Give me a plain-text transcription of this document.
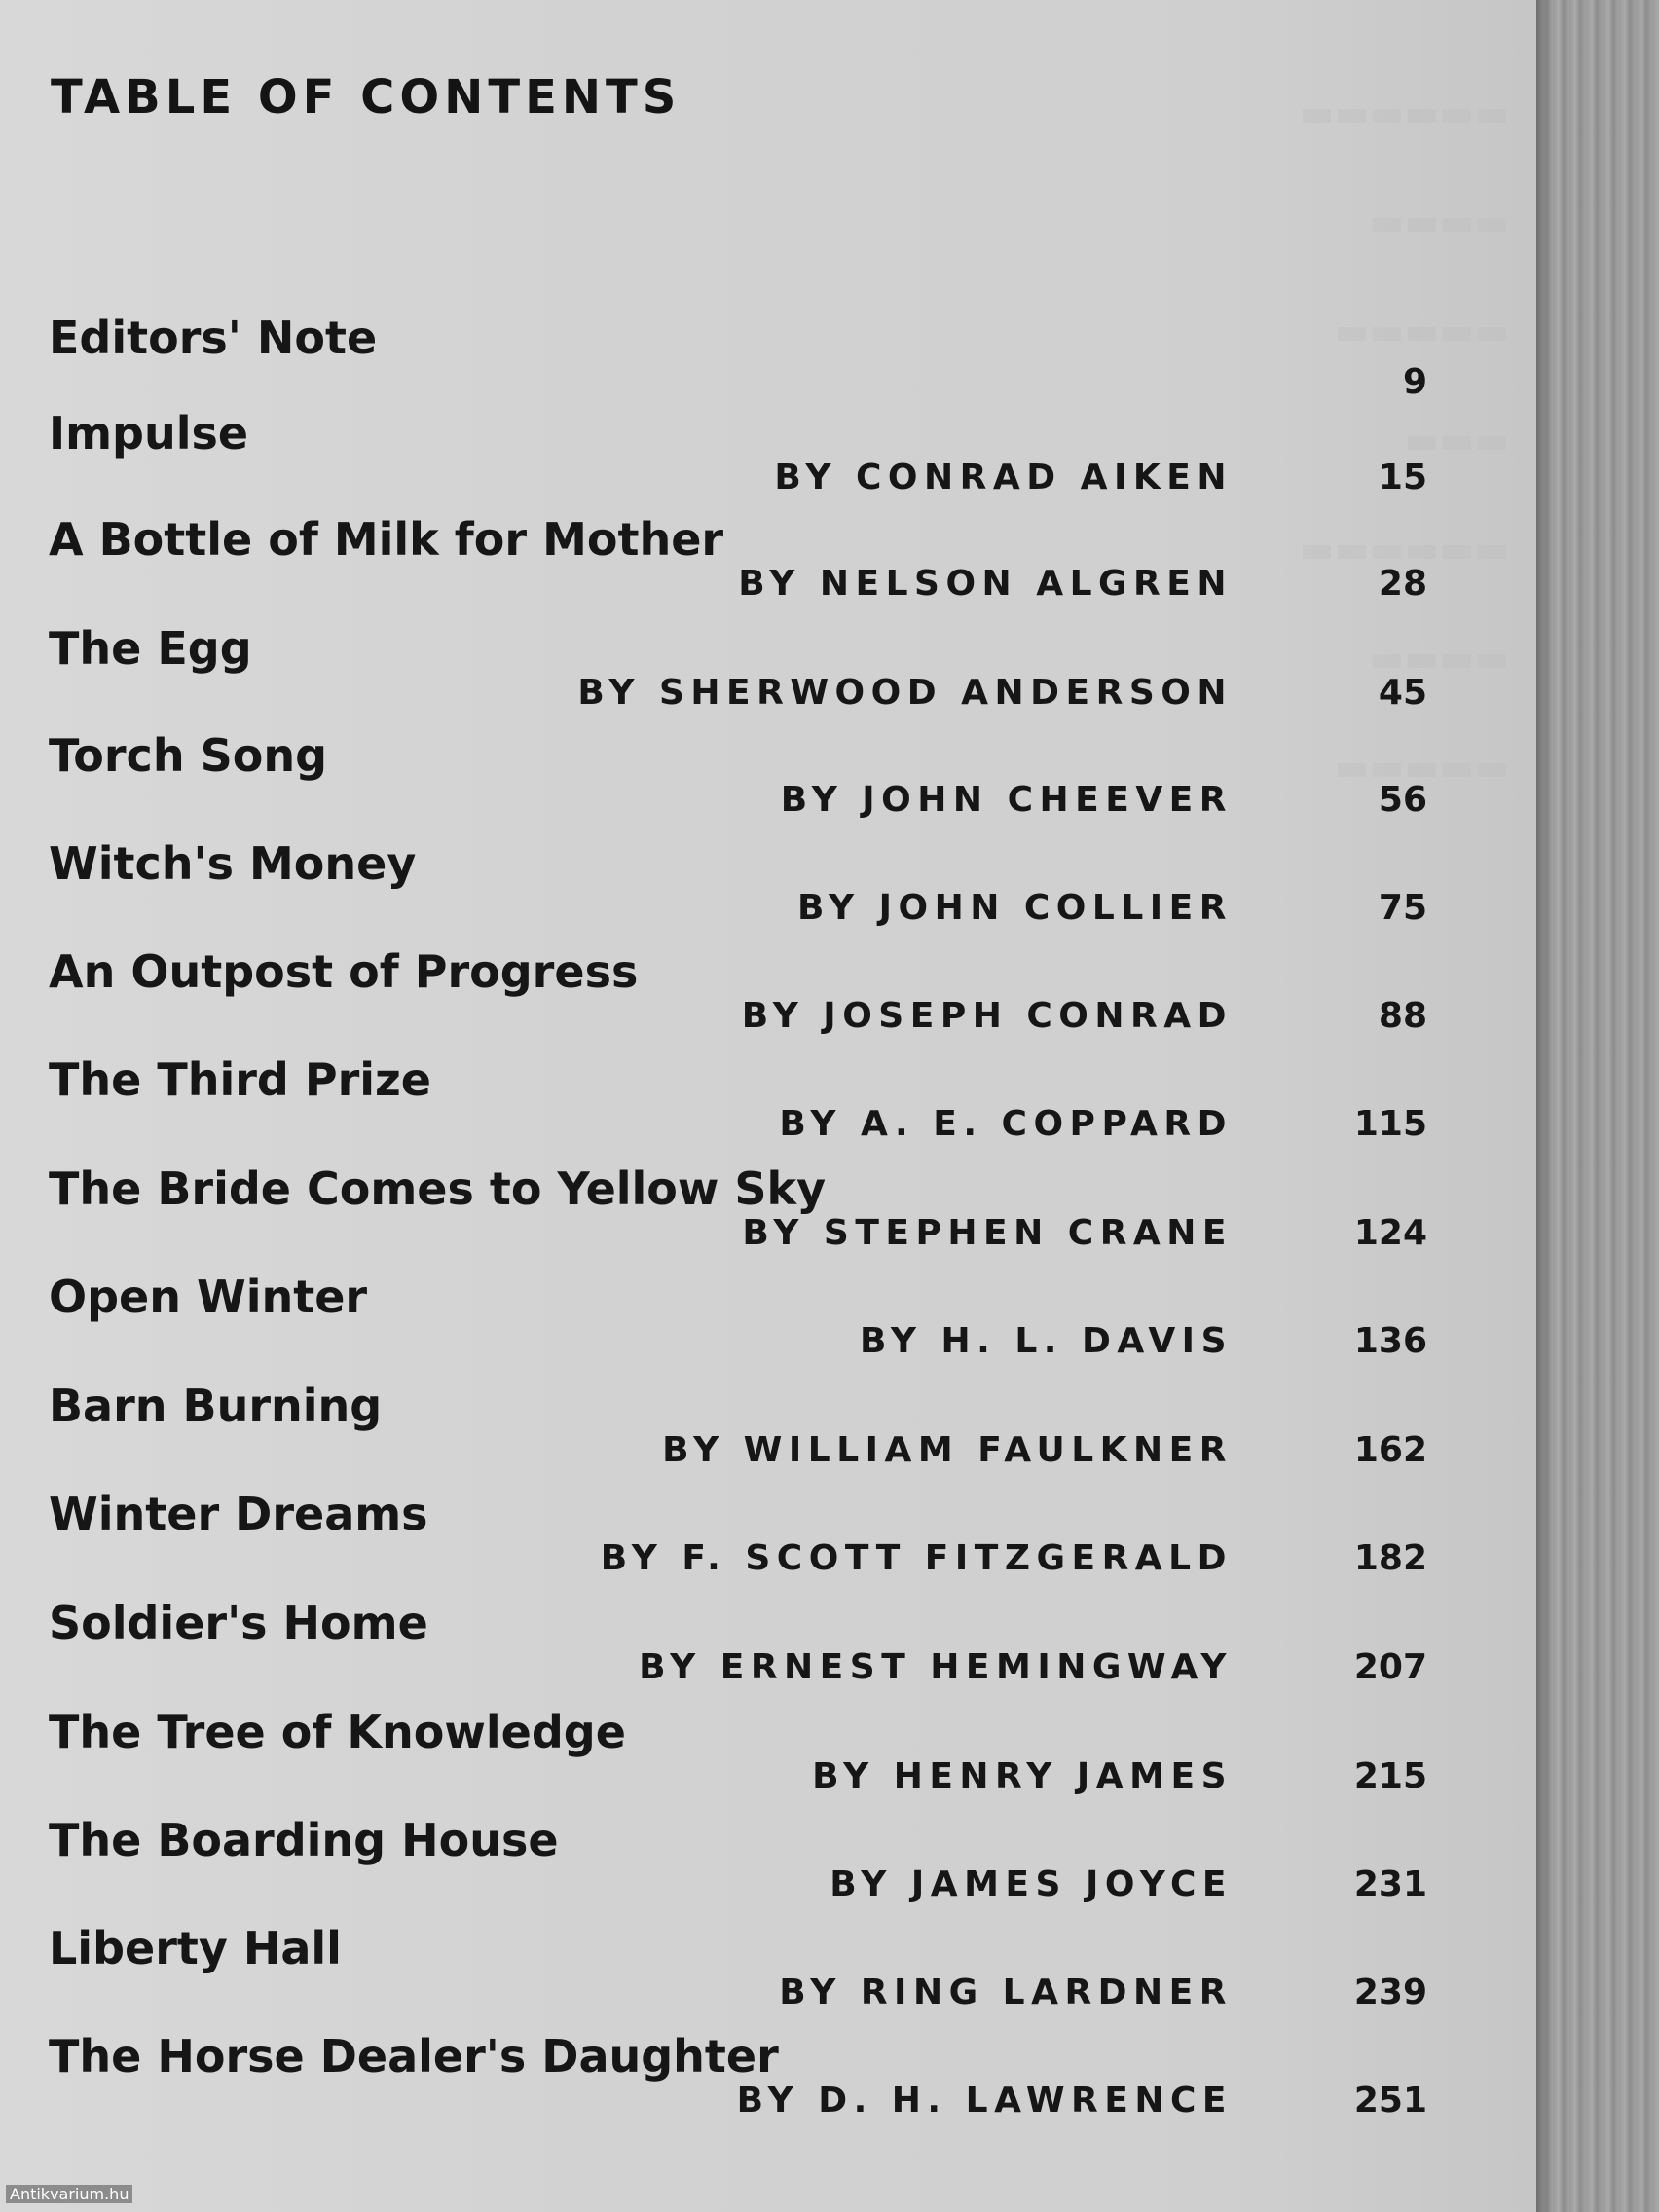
▬▬▬▬▬▬
▬▬▬▬
▬▬▬▬▬
▬▬▬
▬▬▬▬▬▬
▬▬▬▬
▬▬▬▬▬
TABLE OF CONTENTS
Editors' Note
9
Impulse
BY CONRAD AIKEN	15
A Bottle of Milk for Mother
BY NELSON ALGREN	28
The Egg
BY SHERWOOD ANDERSON	45
Torch Song
BY JOHN CHEEVER	56
Witch's Money
BY JOHN COLLIER	75
An Outpost of Progress
BY JOSEPH CONRAD	88
The Third Prize
BY A. E. COPPARD	115
The Bride Comes to Yellow Sky
BY STEPHEN CRANE	124
Open Winter
BY H. L. DAVIS	136
Barn Burning
BY WILLIAM FAULKNER	162
Winter Dreams
BY F. SCOTT FITZGERALD	182
Soldier's Home
BY ERNEST HEMINGWAY	207
The Tree of Knowledge
BY HENRY JAMES	215
The Boarding House
BY JAMES JOYCE	231
Liberty Hall
BY RING LARDNER	239
The Horse Dealer's Daughter
BY D. H. LAWRENCE	251
Antikvarium.hu
